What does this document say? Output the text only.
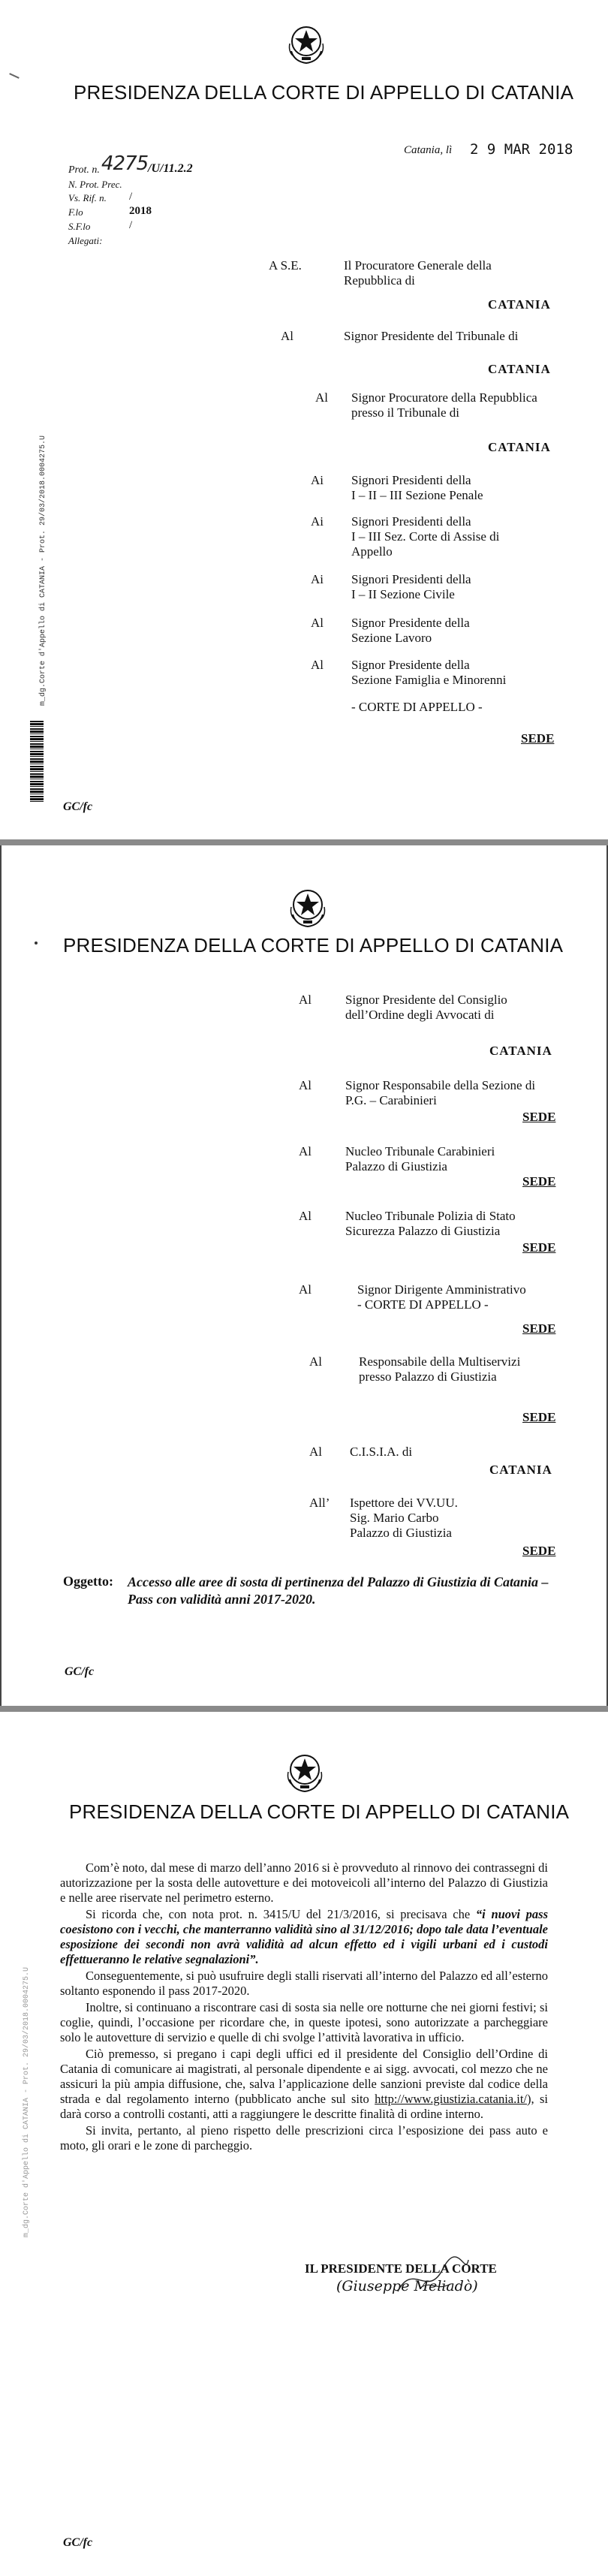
PRESIDENZA DELLA CORTE DI APPELLO DI CATANIA
Catania, lì 2 9 MAR 2018
Prot. n. 4275 /U/11.2.2
N. Prot. Prec.
Vs. Rif. n. /
F.lo	2018
S.F.lo	/
Allegati:
A S.E.	Il Procuratore Generale della
Repubblica di
CATANIA
Al	Signor Presidente del Tribunale di
CATANIA
Al Signor Procuratore della Repubblica
presso il Tribunale di
CATANIA
Ai Signori Presidenti della
I – II – III Sezione Penale
Ai Signori Presidenti della
I – III Sez. Corte di Assise di
Appello
Ai Signori Presidenti della
I – II Sezione Civile
Al Signor Presidente della
Sezione Lavoro
Al Signor Presidente della
Sezione Famiglia e Minorenni
- CORTE DI APPELLO -
SEDE
GC/fc
m_dg.Corte d'Appello di CATANIA - Prot. 29/03/2018.0004275.U
PRESIDENZA DELLA CORTE DI APPELLO DI CATANIA
Al	Signor Presidente del Consiglio
dell’Ordine degli Avvocati di
CATANIA
Al	Signor Responsabile della Sezione di
P.G. – Carabinieri
SEDE
Al	Nucleo Tribunale Carabinieri
Palazzo di Giustizia
SEDE
Al	Nucleo Tribunale Polizia di Stato
Sicurezza Palazzo di Giustizia
SEDE
Al	Signor Dirigente Amministrativo
- CORTE DI APPELLO -
SEDE
Al	Responsabile della Multiservizi
presso Palazzo di Giustizia
SEDE
Al C.I.S.I.A. di
CATANIA
All’ Ispettore dei VV.UU.
Sig. Mario Carbo
Palazzo di Giustizia
SEDE
Oggetto: Accesso alle aree di sosta di pertinenza del Palazzo di Giustizia di Catania – Pass con validità anni 2017-2020.
GC/fc
PRESIDENZA DELLA CORTE DI APPELLO DI CATANIA

Com’è noto, dal mese di marzo dell’anno 2016 si è provveduto al rinnovo dei contrassegni di autorizzazione per la sosta delle autovetture e dei motoveicoli all’interno del Palazzo di Giustizia e nelle aree riservate nel perimetro esterno.

Si ricorda che, con nota prot. n. 3415/U del 21/3/2016, si precisava che “i nuovi pass coesistono con i vecchi, che manterranno validità sino al 31/12/2016; dopo tale data l’eventuale esposizione dei secondi non avrà validità ad alcun effetto ed i vigili urbani ed i custodi effettueranno le relative segnalazioni”.

Conseguentemente, si può usufruire degli stalli riservati all’interno del Palazzo ed all’esterno soltanto esponendo il pass 2017-2020.

Inoltre, si continuano a riscontrare casi di sosta sia nelle ore notturne che nei giorni festivi; si coglie, quindi, l’occasione per ricordare che, in queste ipotesi, sono autorizzate a parcheggiare solo le autovetture di servizio e quelle di chi svolge l’attività lavorativa in ufficio.

Ciò premesso, si pregano i capi degli uffici ed il presidente del Consiglio dell’Ordine di Catania di comunicare ai magistrati, al personale dipendente e ai sigg. avvocati, col mezzo che ne assicuri la più ampia diffusione, che, salva l’applicazione delle sanzioni previste dal codice della strada e dal regolamento interno (pubblicato anche sul sito http://www.giustizia.catania.it/), si darà corso a controlli costanti, atti a raggiungere le descritte finalità di ordine interno.

Si invita, pertanto, al pieno rispetto delle prescrizioni circa l’esposizione dei pass auto e moto, gli orari e le zone di parcheggio.

IL PRESIDENTE DELLA CORTE
(Giuseppe Meliadò)
GC/fc
m_dg.Corte d'Appello di CATANIA - Prot. 29/03/2018.0004275.U
